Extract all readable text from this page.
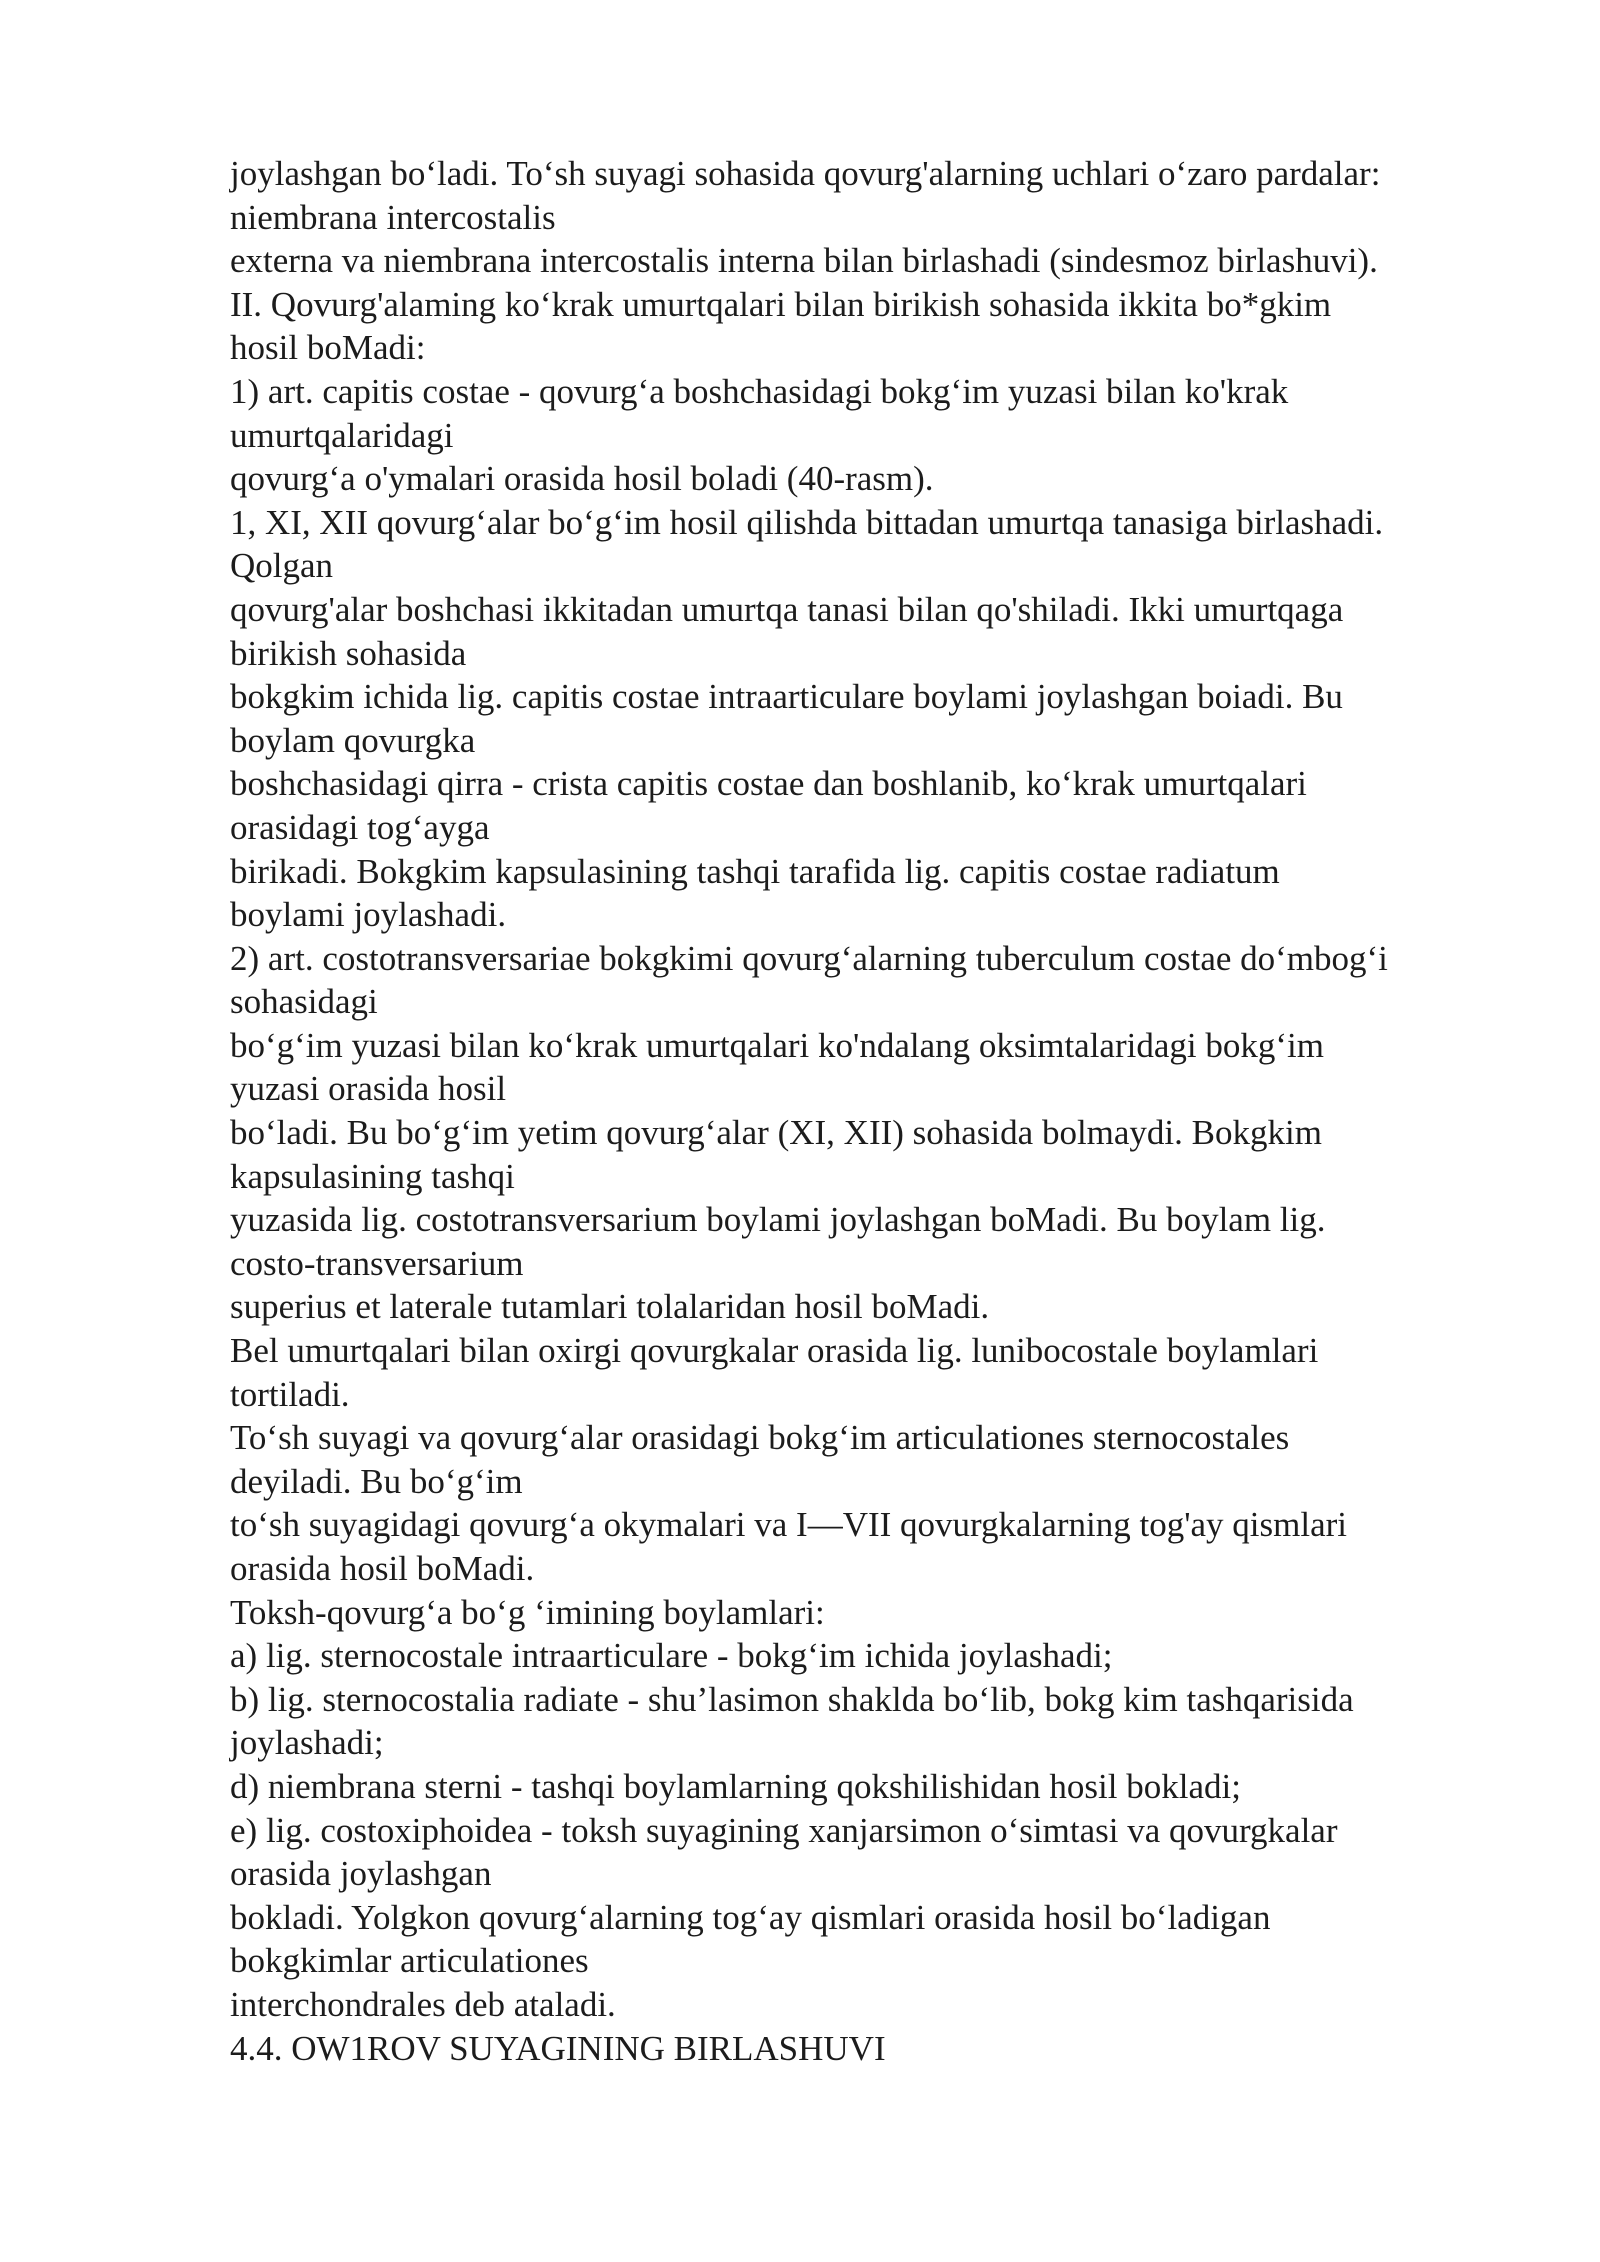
joylashgan bo‘ladi. To‘sh suyagi sohasida qovurg'alarning uchlari o‘zaro pardalar:
niembrana intercostalis
externa va niembrana intercostalis interna bilan birlashadi (sindesmoz birlashuvi).
II. Qovurg'alaming ko‘krak umurtqalari bilan birikish sohasida ikkita bo*gkim
hosil boMadi:
1) art. capitis costae - qovurg‘a boshchasidagi bokg‘im yuzasi bilan ko'krak
umurtqalaridagi
qovurg‘a o'ymalari orasida hosil boladi (40-rasm).
1, XI, XII qovurg‘alar bo‘g‘im hosil qilishda bittadan umurtqa tanasiga birlashadi.
Qolgan
qovurg'alar boshchasi ikkitadan umurtqa tanasi bilan qo'shiladi. Ikki umurtqaga
birikish sohasida
bokgkim ichida lig. capitis costae intraarticulare boylami joylashgan boiadi. Bu
boylam qovurgka
boshchasidagi qirra - crista capitis costae dan boshlanib, ko‘krak umurtqalari
orasidagi tog‘ayga
birikadi. Bokgkim kapsulasining tashqi tarafida lig. capitis costae radiatum
boylami joylashadi.
2) art. costotransversariae bokgkimi qovurg‘alarning tuberculum costae do‘mbog‘i
sohasidagi
bo‘g‘im yuzasi bilan ko‘krak umurtqalari ko'ndalang oksimtalaridagi bokg‘im
yuzasi orasida hosil
bo‘ladi. Bu bo‘g‘im yetim qovurg‘alar (XI, XII) sohasida bolmaydi. Bokgkim
kapsulasining tashqi
yuzasida lig. costotransversarium boylami joylashgan boMadi. Bu boylam lig.
costo-transversarium
superius et laterale tutamlari tolalaridan hosil boMadi.
Bel umurtqalari bilan oxirgi qovurgkalar orasida lig. lunibocostale boylamlari
tortiladi.
To‘sh suyagi va qovurg‘alar orasidagi bokg‘im articulationes sternocostales
deyiladi. Bu bo‘g‘im
to‘sh suyagidagi qovurg‘a okymalari va I—VII qovurgkalarning tog'ay qismlari
orasida hosil boMadi.
Toksh-qovurg‘a bo‘g ‘imining boylamlari:
a) lig. sternocostale intraarticulare - bokg‘im ichida joylashadi;
b) lig. sternocostalia radiate - shu’lasimon shaklda bo‘lib, bokg kim tashqarisida
joylashadi;
d) niembrana sterni - tashqi boylamlarning qokshilishidan hosil bokladi;
e) lig. costoxiphoidea - toksh suyagining xanjarsimon o‘simtasi va qovurgkalar
orasida joylashgan
bokladi. Yolgkon qovurg‘alarning tog‘ay qismlari orasida hosil bo‘ladigan
bokgkimlar articulationes
interchondrales deb ataladi.
4.4. OW1ROV SUYAGINING BIRLASHUVI
